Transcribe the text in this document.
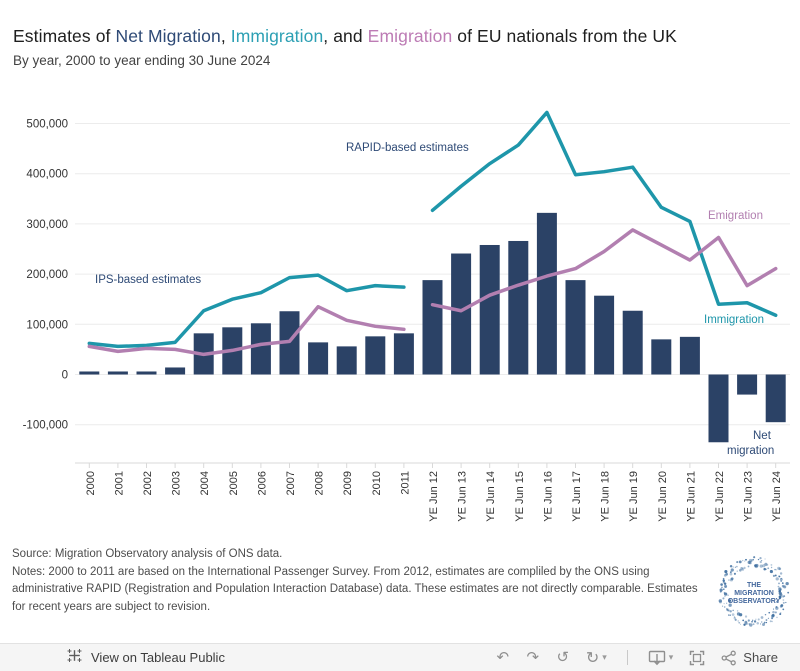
Estimates of Net Migration, Immigration, and Emigration of EU nationals from the UK
By year, 2000 to year ending 30 June 2024
500,000
400,000
300,000
200,000
100,000
0
-100,000
2000 2001 2002 2003 2004 2005 2006 2007 2008 2009 2010 2011 YE Jun 12 YE Jun 13 YE Jun 14 YE Jun 15 YE Jun 16 YE Jun 17 YE Jun 18 YE Jun 19 YE Jun 20 YE Jun 21 YE Jun 22 YE Jun 23 YE Jun 24
IPS-based estimates
RAPID-based estimates
Emigration
Immigration
Net
migration
Source: Migration Observatory analysis of ONS data.
Notes: 2000 to 2011 are based on the International Passenger Survey. From 2012, estimates are compliled by the ONS using administrative RAPID (Registration and Population Interaction Database) data. These estimates are not directly comparable. Estimates for recent years are subject to revision.
THE
MIGRATION
OBSERVATORY
View on Tableau Public	↶	↷	↺	↻ ▾	▾	Share
